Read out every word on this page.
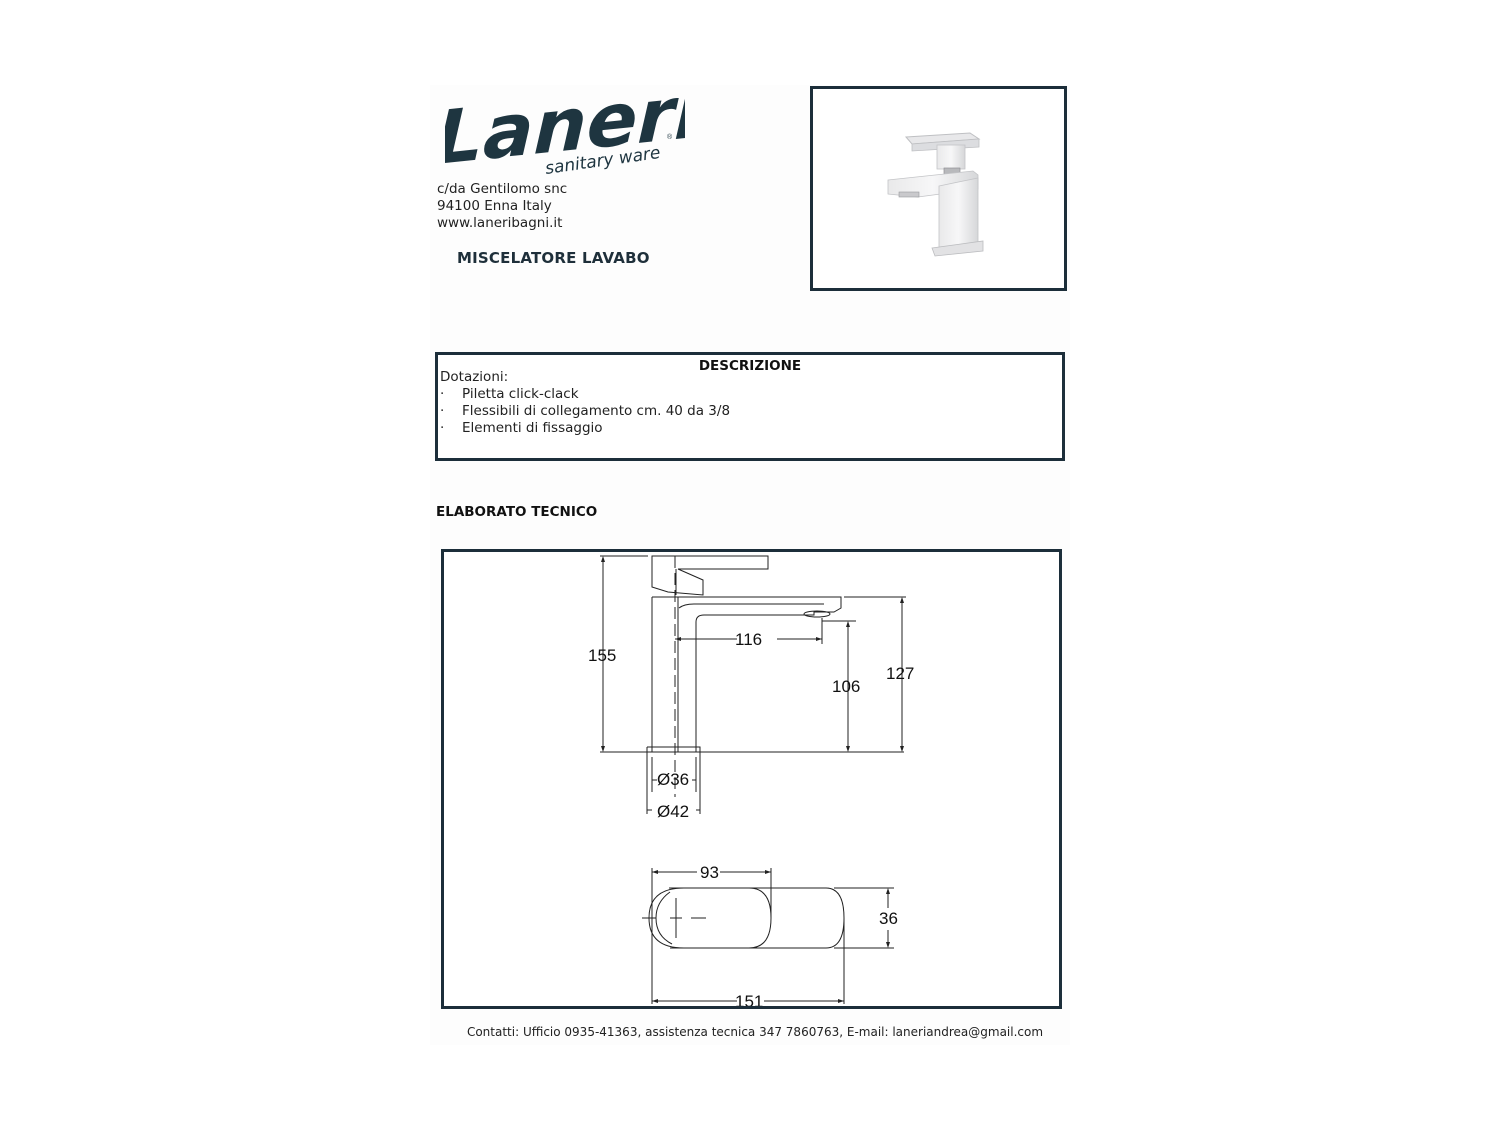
Laneri
sanitary ware
®
c/da Gentilomo snc
94100 Enna Italy
www.laneribagni.it
MISCELATORE LAVABO
DESCRIZIONE
Dotazioni:
· Piletta click-clack
· Flessibili di collegamento cm. 40 da 3/8
· Elementi di fissaggio
ELABORATO TECNICO
155
116
106
127
Ø36
Ø42
93
36
151
Contatti: Ufficio 0935-41363, assistenza tecnica 347 7860763, E-mail: laneriandrea@gmail.com
